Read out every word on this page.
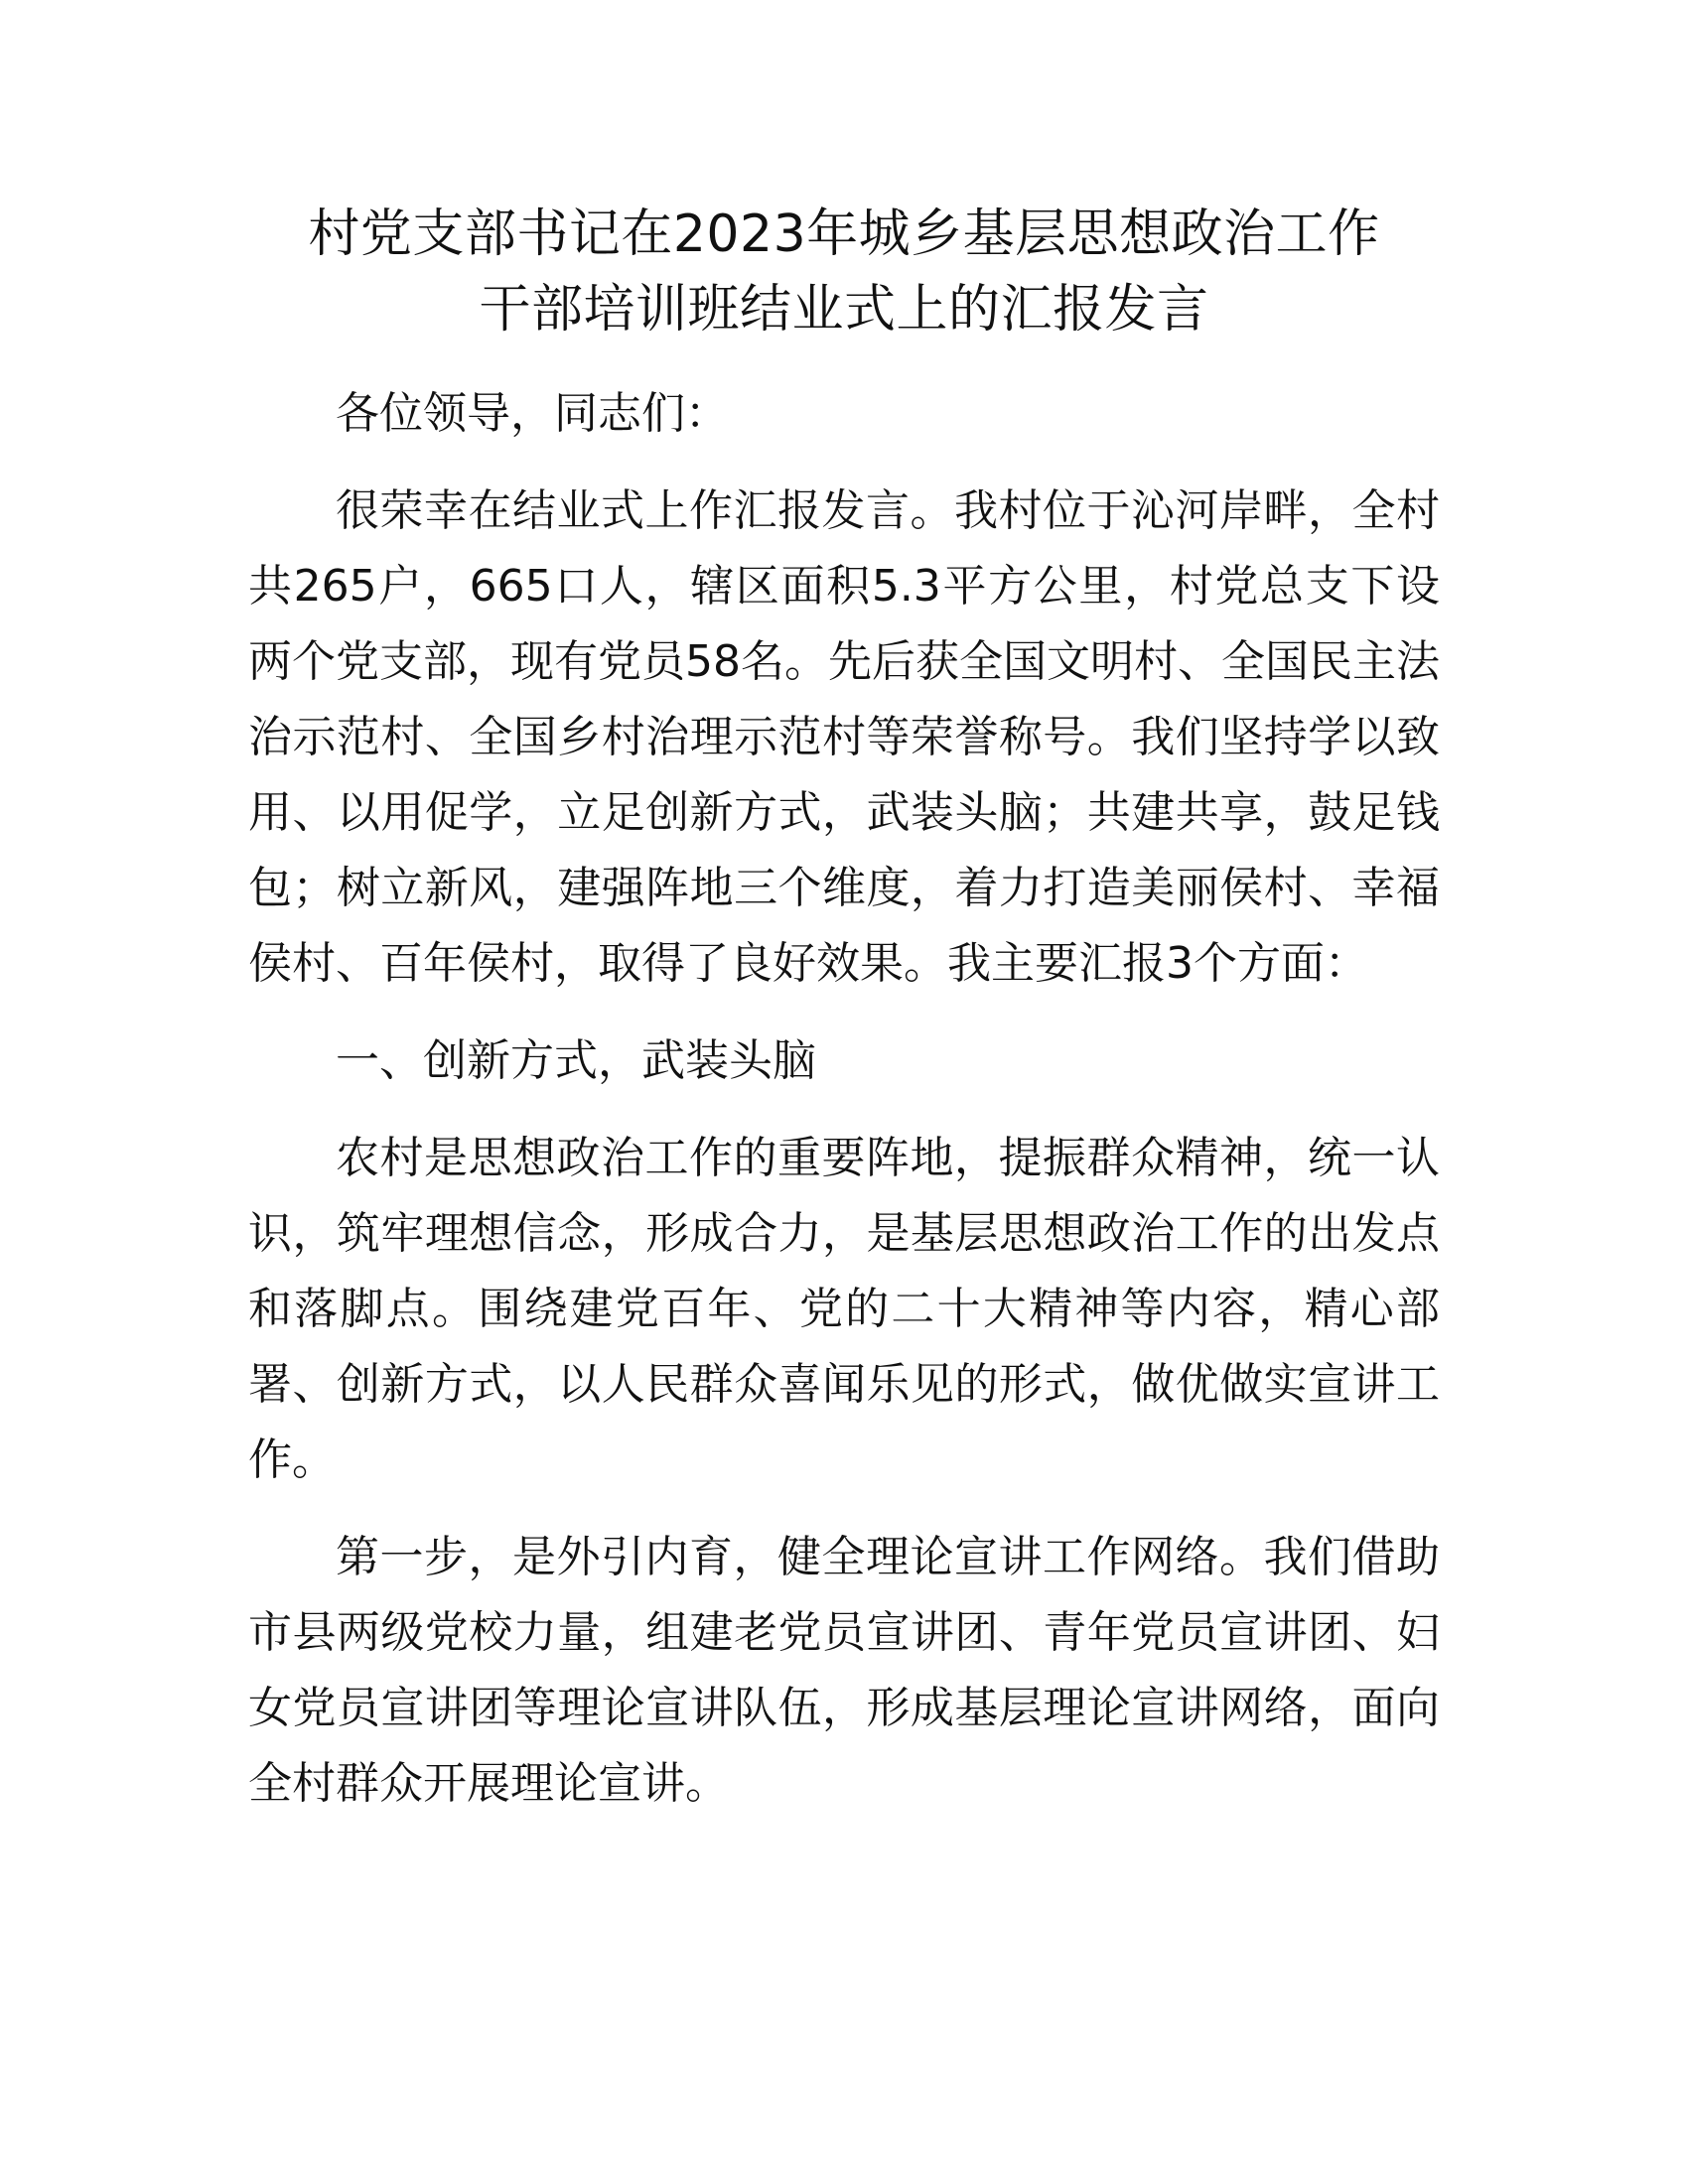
村党支部书记在2023年城乡基层思想政治工作
干部培训班结业式上的汇报发言

各位领导，同志们：

很荣幸在结业式上作汇报发言。我村位于沁河岸畔，全村共265户，665口人，辖区面积5.3平方公里，村党总支下设两个党支部，现有党员58名。先后获全国文明村、全国民主法治示范村、全国乡村治理示范村等荣誉称号。我们坚持学以致用、以用促学，立足创新方式，武装头脑；共建共享，鼓足钱包；树立新风，建强阵地三个维度，着力打造美丽侯村、幸福侯村、百年侯村，取得了良好效果。我主要汇报3个方面：

一、创新方式，武装头脑

农村是思想政治工作的重要阵地，提振群众精神，统一认识，筑牢理想信念，形成合力，是基层思想政治工作的出发点和落脚点。围绕建党百年、党的二十大精神等内容，精心部署、创新方式，以人民群众喜闻乐见的形式，做优做实宣讲工作。

第一步，是外引内育，健全理论宣讲工作网络。我们借助市县两级党校力量，组建老党员宣讲团、青年党员宣讲团、妇女党员宣讲团等理论宣讲队伍，形成基层理论宣讲网络，面向全村群众开展理论宣讲。
